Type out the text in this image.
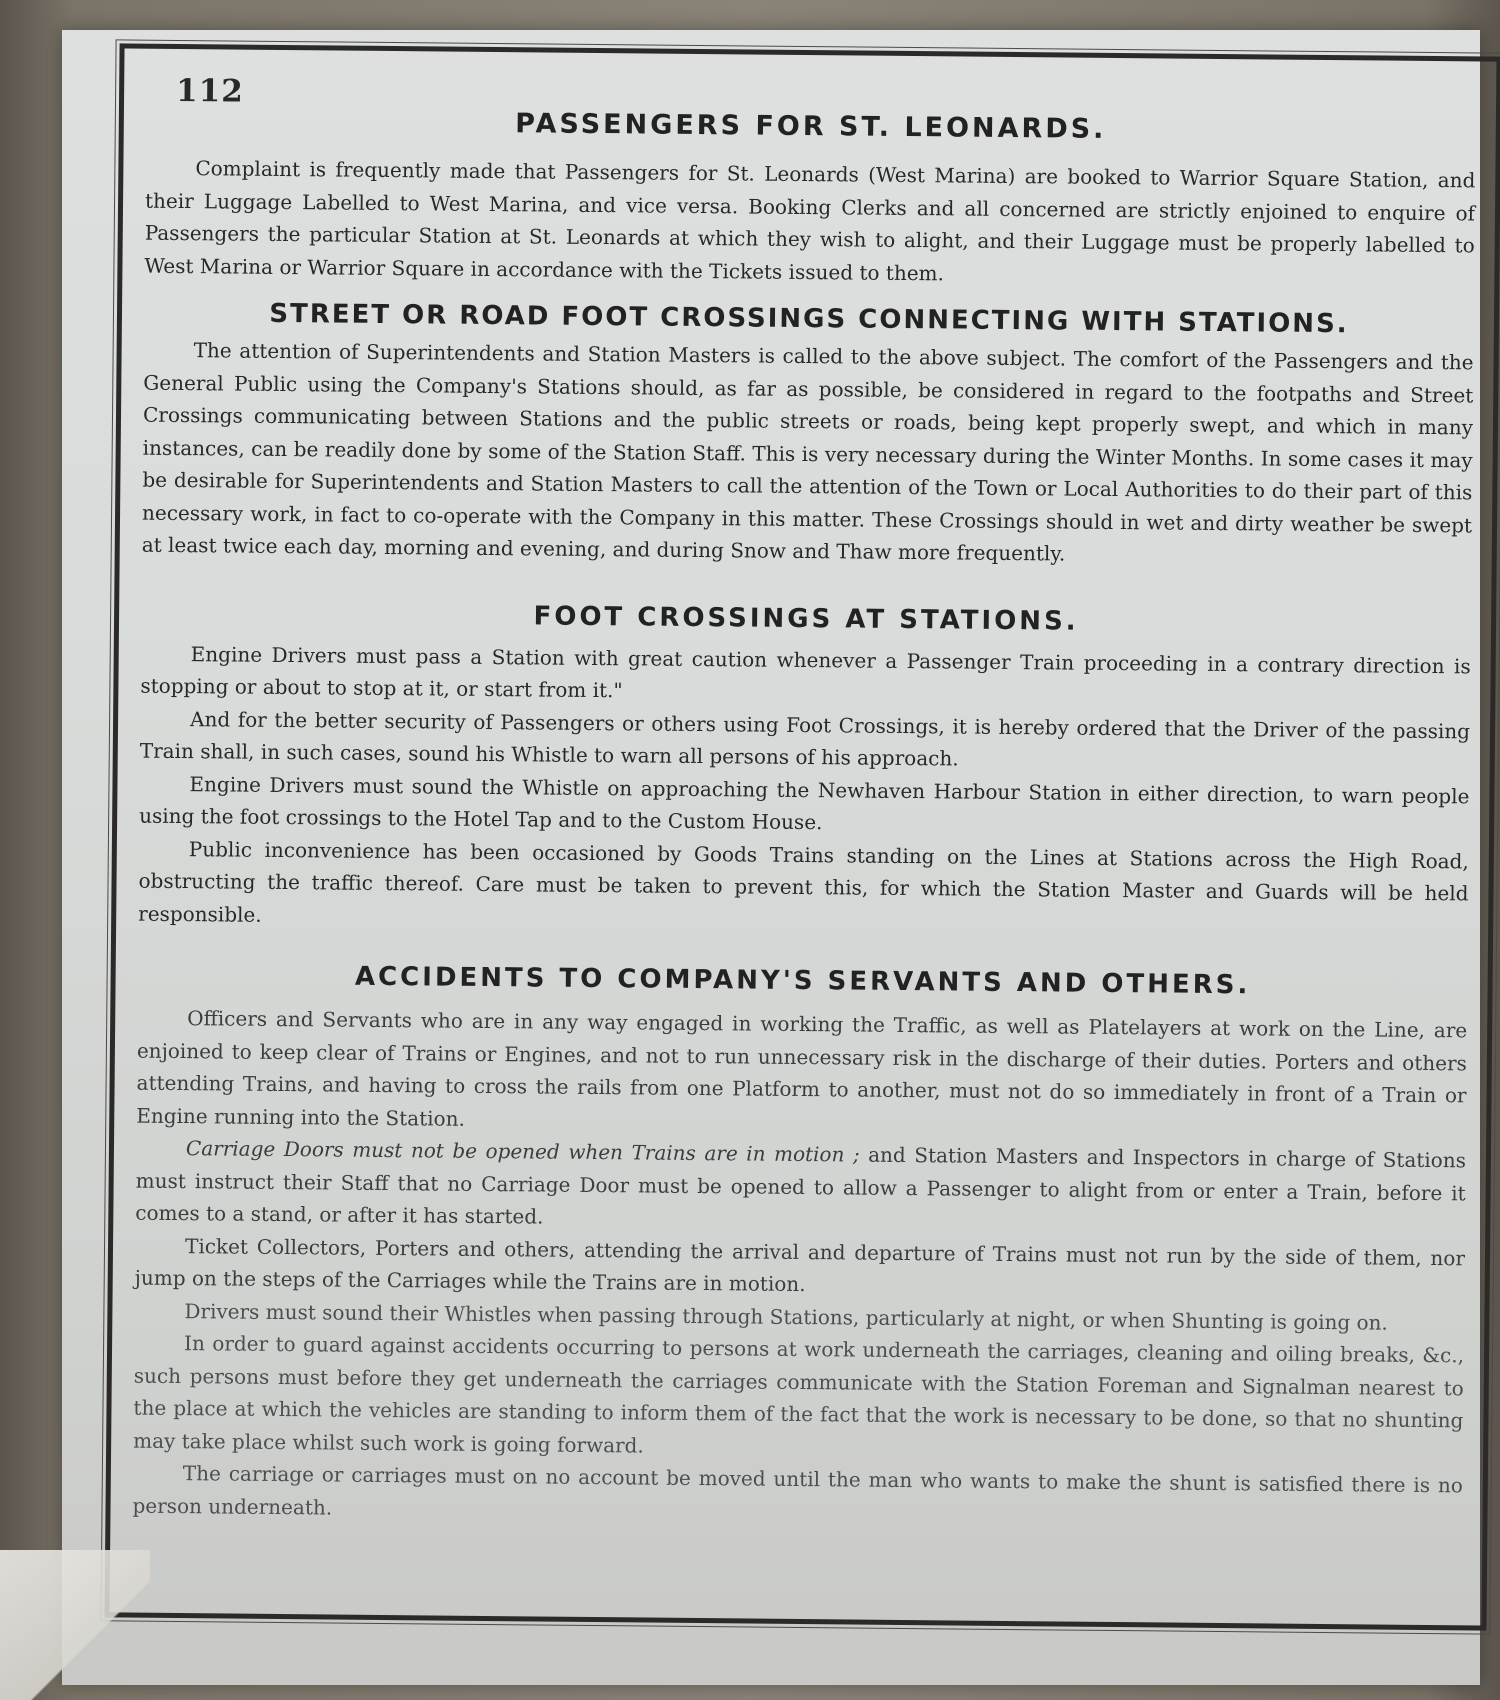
112
PASSENGERS FOR ST. LEONARDS.

Complaint is frequently made that Passengers for St. Leonards (West Marina) are booked to Warrior Square Station, and their Luggage Labelled to West Marina, and vice versa. Booking Clerks and all concerned are strictly enjoined to enquire of Passengers the particular Station at St. Leonards at which they wish to alight, and their Luggage must be properly labelled to West Marina or Warrior Square in accordance with the Tickets issued to them.

STREET OR ROAD FOOT CROSSINGS CONNECTING WITH STATIONS.

The attention of Superintendents and Station Masters is called to the above subject. The comfort of the Passengers and the General Public using the Company's Stations should, as far as possible, be considered in regard to the footpaths and Street Crossings communicating between Stations and the public streets or roads, being kept properly swept, and which in many instances, can be readily done by some of the Station Staff. This is very necessary during the Winter Months. In some cases it may be desirable for Superintendents and Station Masters to call the attention of the Town or Local Authorities to do their part of this necessary work, in fact to co-operate with the Company in this matter. These Crossings should in wet and dirty weather be swept at least twice each day, morning and evening, and during Snow and Thaw more frequently.

FOOT CROSSINGS AT STATIONS.

Engine Drivers must pass a Station with great caution whenever a Passenger Train proceeding in a contrary direction is stopping or about to stop at it, or start from it."

And for the better security of Passengers or others using Foot Crossings, it is hereby ordered that the Driver of the passing Train shall, in such cases, sound his Whistle to warn all persons of his approach.

Engine Drivers must sound the Whistle on approaching the Newhaven Harbour Station in either direction, to warn people using the foot crossings to the Hotel Tap and to the Custom House.

Public inconvenience has been occasioned by Goods Trains standing on the Lines at Stations across the High Road, obstructing the traffic thereof. Care must be taken to prevent this, for which the Station Master and Guards will be held responsible.

ACCIDENTS TO COMPANY'S SERVANTS AND OTHERS.

Officers and Servants who are in any way engaged in working the Traffic, as well as Platelayers at work on the Line, are enjoined to keep clear of Trains or Engines, and not to run unnecessary risk in the discharge of their duties. Porters and others attending Trains, and having to cross the rails from one Platform to another, must not do so immediately in front of a Train or Engine running into the Station.

Carriage Doors must not be opened when Trains are in motion ; and Station Masters and Inspectors in charge of Stations must instruct their Staff that no Carriage Door must be opened to allow a Passenger to alight from or enter a Train, before it comes to a stand, or after it has started.

Ticket Collectors, Porters and others, attending the arrival and departure of Trains must not run by the side of them, nor jump on the steps of the Carriages while the Trains are in motion.

Drivers must sound their Whistles when passing through Stations, particularly at night, or when Shunting is going on.

In order to guard against accidents occurring to persons at work underneath the carriages, cleaning and oiling breaks, &c., such persons must before they get underneath the carriages communicate with the Station Foreman and Signalman nearest to the place at which the vehicles are standing to inform them of the fact that the work is necessary to be done, so that no shunting may take place whilst such work is going forward.

The carriage or carriages must on no account be moved until the man who wants to make the shunt is satisfied there is no person underneath.
